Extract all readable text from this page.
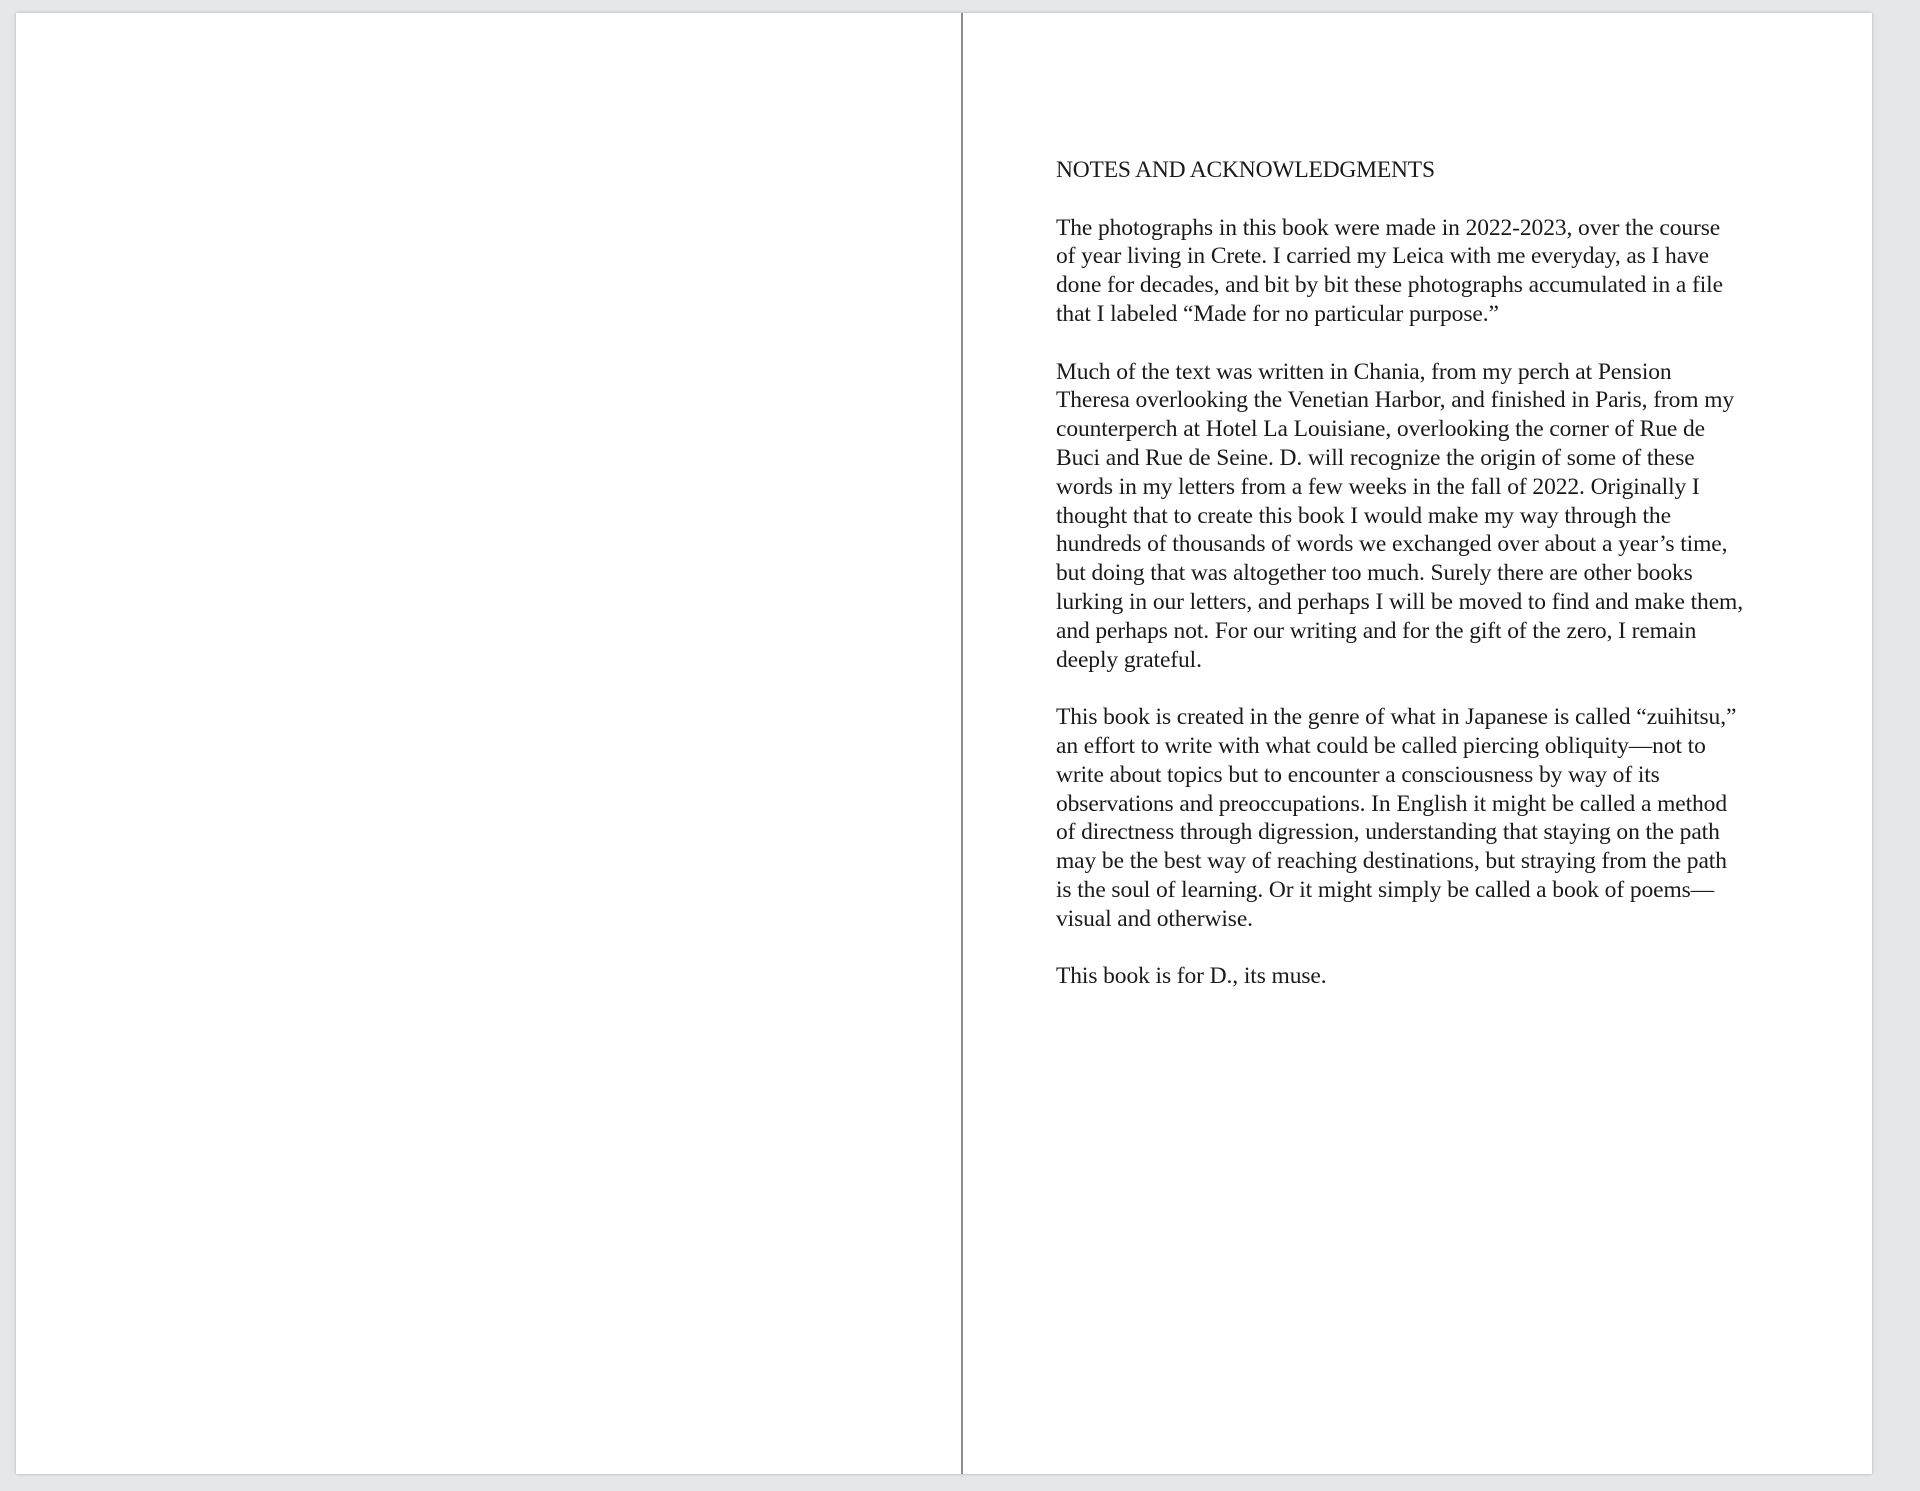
NOTES AND ACKNOWLEDGMENTS

The photographs in this book were made in 2022-2023, over the course
of year living in Crete. I carried my Leica with me everyday, as I have
done for decades, and bit by bit these photographs accumulated in a file
that I labeled “Made for no particular purpose.”

Much of the text was written in Chania, from my perch at Pension
Theresa overlooking the Venetian Harbor, and finished in Paris, from my
counterperch at Hotel La Louisiane, overlooking the corner of Rue de
Buci and Rue de Seine. D. will recognize the origin of some of these
words in my letters from a few weeks in the fall of 2022. Originally I
thought that to create this book I would make my way through the
hundreds of thousands of words we exchanged over about a year’s time,
but doing that was altogether too much. Surely there are other books
lurking in our letters, and perhaps I will be moved to find and make them,
and perhaps not. For our writing and for the gift of the zero, I remain
deeply grateful.

This book is created in the genre of what in Japanese is called “zuihitsu,”
an effort to write with what could be called piercing obliquity—not to
write about topics but to encounter a consciousness by way of its
observations and preoccupations. In English it might be called a method
of directness through digression, understanding that staying on the path
may be the best way of reaching destinations, but straying from the path
is the soul of learning. Or it might simply be called a book of poems—
visual and otherwise.

This book is for D., its muse.
